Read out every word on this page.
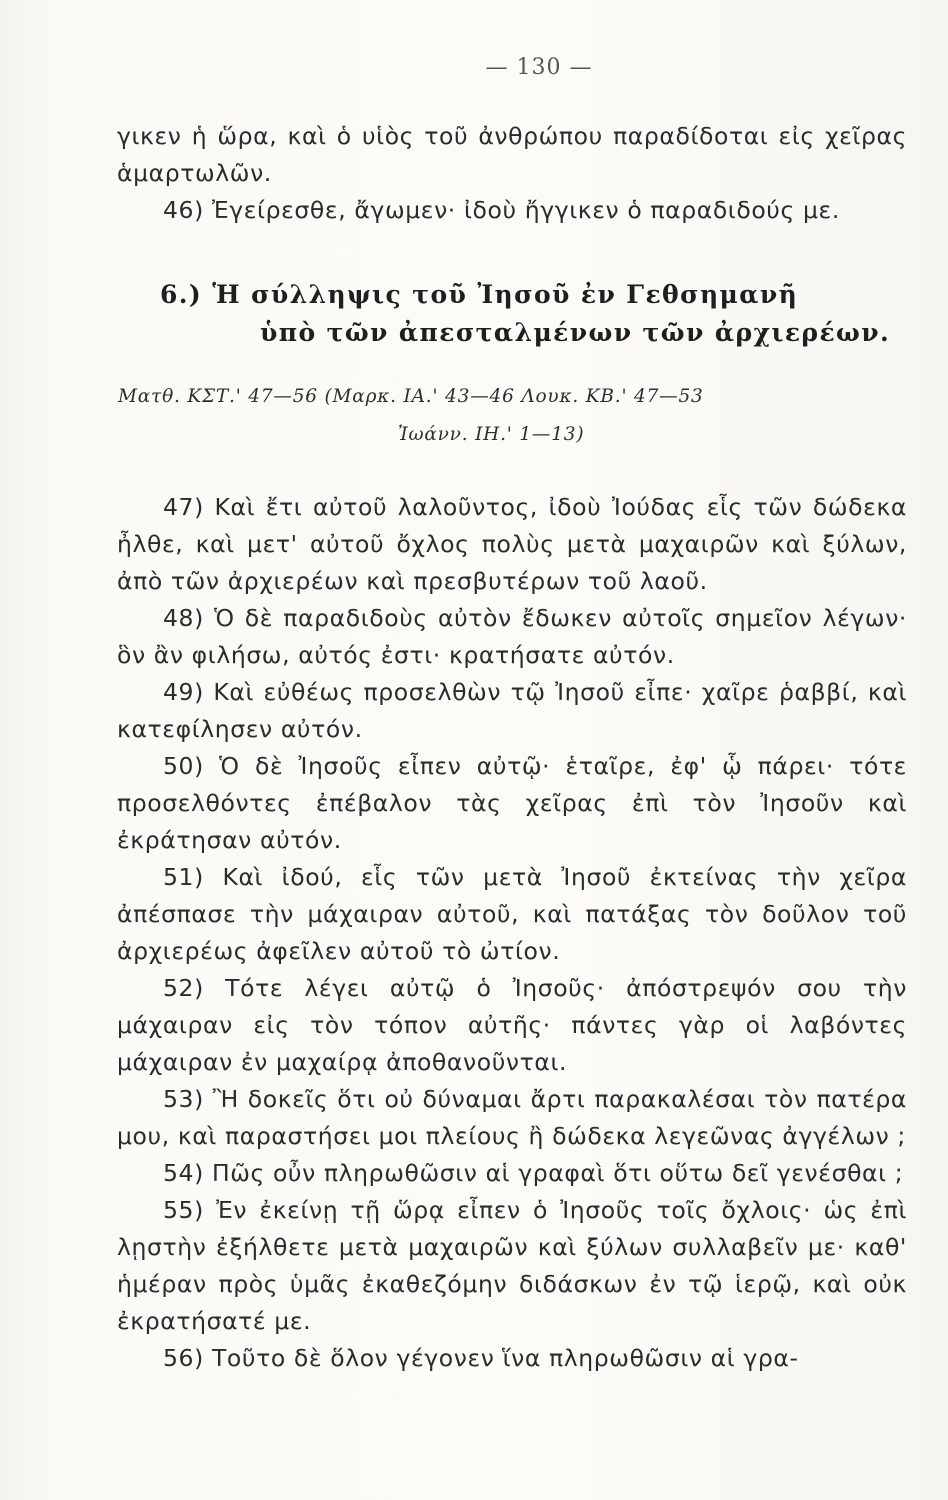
— 130 —

γικεν ἡ ὥρα, καὶ ὁ υἱὸς τοῦ ἀνθρώπου παραδίδοται εἰς χεῖρας ἁμαρτωλῶν.

46) Ἐγείρεσθε, ἄγωμεν· ἰδοὺ ἤγγικεν ὁ παραδιδούς με.

6.) Ἡ σύλληψις τοῦ Ἰησοῦ ἐν Γεθσημανῆ
ὑπὸ τῶν ἀπεσταλμένων τῶν ἀρχιερέων.
Ματθ. ΚΣΤ.' 47—56 (Μαρκ. ΙΑ.' 43—46 Λουκ. ΚΒ.' 47—53
Ἰωάνν. ΙΗ.' 1—13)

47) Καὶ ἔτι αὐτοῦ λαλοῦντος, ἰδοὺ Ἰούδας εἷς τῶν δώδεκα ἦλθε, καὶ μετ' αὐτοῦ ὄχλος πολὺς μετὰ μαχαιρῶν καὶ ξύλων, ἀπὸ τῶν ἀρχιερέων καὶ πρεσβυτέρων τοῦ λαοῦ.

48) Ὁ δὲ παραδιδοὺς αὐτὸν ἔδωκεν αὐτοῖς σημεῖον λέγων· ὃν ἂν φιλήσω, αὐτός ἐστι· κρατήσατε αὐτόν.

49) Καὶ εὐθέως προσελθὼν τῷ Ἰησοῦ εἶπε· χαῖρε ῥαββί, καὶ κατεφίλησεν αὐτόν.

50) Ὁ δὲ Ἰησοῦς εἶπεν αὐτῷ· ἑταῖρε, ἐφ' ᾧ πάρει· τότε προσελθόντες ἐπέβαλον τὰς χεῖρας ἐπὶ τὸν Ἰησοῦν καὶ ἐκράτησαν αὐτόν.

51) Καὶ ἰδού, εἷς τῶν μετὰ Ἰησοῦ ἐκτείνας τὴν χεῖρα ἀπέσπασε τὴν μάχαιραν αὐτοῦ, καὶ πατάξας τὸν δοῦλον τοῦ ἀρχιερέως ἀφεῖλεν αὐτοῦ τὸ ὠτίον.

52) Τότε λέγει αὐτῷ ὁ Ἰησοῦς· ἀπόστρεψόν σου τὴν μάχαιραν εἰς τὸν τόπον αὐτῆς· πάντες γὰρ οἱ λαβόντες μάχαιραν ἐν μαχαίρᾳ ἀποθανοῦνται.

53) Ἢ δοκεῖς ὅτι οὐ δύναμαι ἄρτι παρακαλέσαι τὸν πατέρα μου, καὶ παραστήσει μοι πλείους ἢ δώδεκα λεγεῶνας ἀγγέλων ;

54) Πῶς οὖν πληρωθῶσιν αἱ γραφαὶ ὅτι οὕτω δεῖ γενέσθαι ;

55) Ἐν ἐκείνῃ τῇ ὥρᾳ εἶπεν ὁ Ἰησοῦς τοῖς ὄχλοις· ὡς ἐπὶ λῃστὴν ἐξήλθετε μετὰ μαχαιρῶν καὶ ξύλων συλλαβεῖν με· καθ' ἡμέραν πρὸς ὑμᾶς ἐκαθεζόμην διδάσκων ἐν τῷ ἱερῷ, καὶ οὐκ ἐκρατήσατέ με.

56) Τοῦτο δὲ ὅλον γέγονεν ἵνα πληρωθῶσιν αἱ γρα-
